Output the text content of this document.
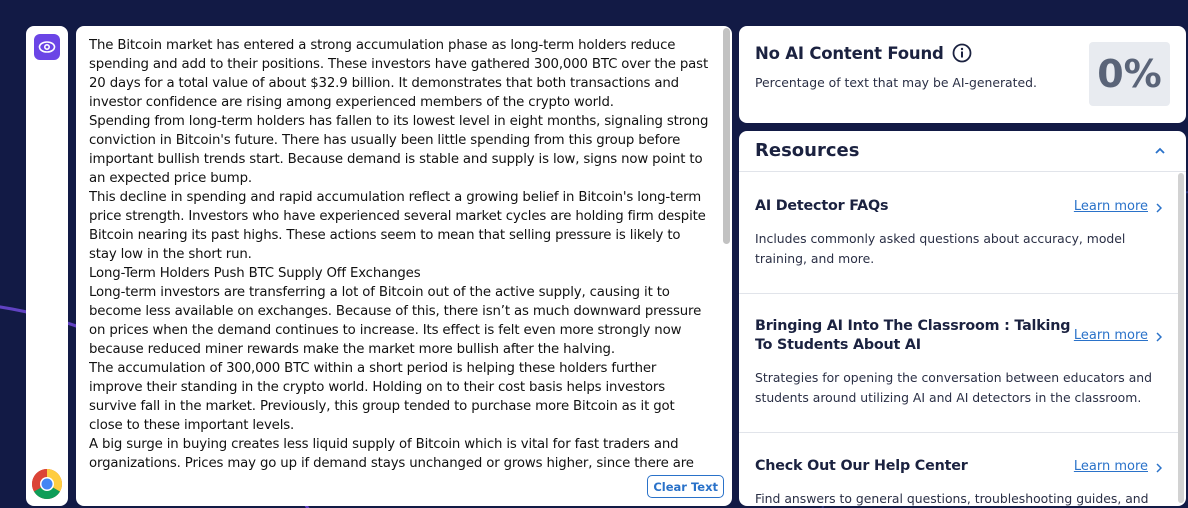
The Bitcoin market has entered a strong accumulation phase as long-term holders reduce spending and add to their positions. These investors have gathered 300,000 BTC over the past 20 days for a total value of about $32.9 billion. It demonstrates that both transactions and investor confidence are rising among experienced members of the crypto world.

Spending from long-term holders has fallen to its lowest level in eight months, signaling strong conviction in Bitcoin's future. There has usually been little spending from this group before important bullish trends start. Because demand is stable and supply is low, signs now point to an expected price bump.

This decline in spending and rapid accumulation reflect a growing belief in Bitcoin's long-term price strength. Investors who have experienced several market cycles are holding firm despite Bitcoin nearing its past highs. These actions seem to mean that selling pressure is likely to stay low in the short run.

Long-Term Holders Push BTC Supply Off Exchanges

Long-term investors are transferring a lot of Bitcoin out of the active supply, causing it to become less available on exchanges. Because of this, there isn’t as much downward pressure on prices when the demand continues to increase. Its effect is felt even more strongly now because reduced miner rewards make the market more bullish after the halving.

The accumulation of 300,000 BTC within a short period is helping these holders further improve their standing in the crypto world. Holding on to their cost basis helps investors survive fall in the market. Previously, this group tended to purchase more Bitcoin as it got close to these important levels.

A big surge in buying creates less liquid supply of Bitcoin which is vital for fast traders and organizations. Prices may go up if demand stays unchanged or grows higher, since there are

Clear Text
No AI Content Found
Percentage of text that may be AI-generated. 0%
Resources
AI Detector FAQs	Learn more
Includes commonly asked questions about accuracy, model training, and more.
Bringing AI Into The Classroom : Talking To Students About AI
Learn more
Strategies for opening the conversation between educators and students around utilizing AI and AI detectors in the classroom.
Check Out Our Help Center	Learn more
Find answers to general questions, troubleshooting guides, and
